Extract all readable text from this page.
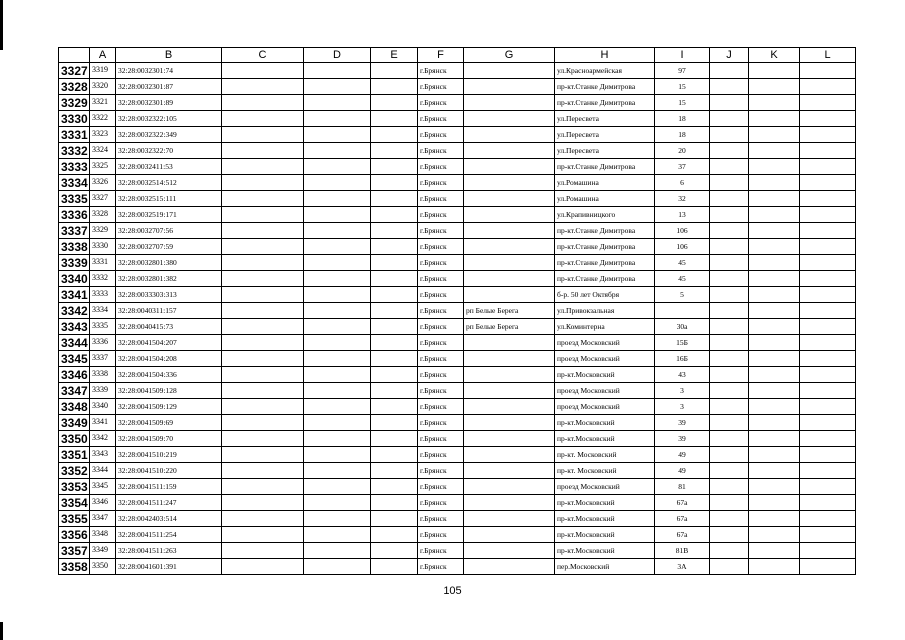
	A	B	C	D	E	F	G	H	I	J	K	L
3327	3319	32:28:0032301:74				г.Брянск		ул.Красноармейская	97			
3328	3320	32:28:0032301:87				г.Брянск		пр-кт.Станке Димитрова	15			
3329	3321	32:28:0032301:89				г.Брянск		пр-кт.Станке Димитрова	15			
3330	3322	32:28:0032322:105				г.Брянск		ул.Пересвета	18			
3331	3323	32:28:0032322:349				г.Брянск		ул.Пересвета	18			
3332	3324	32:28:0032322:70				г.Брянск		ул.Пересвета	20			
3333	3325	32:28:0032411:53				г.Брянск		пр-кт.Станке Димитрова	37			
3334	3326	32:28:0032514:512				г.Брянск		ул.Ромашина	6			
3335	3327	32:28:0032515:111				г.Брянск		ул.Ромашина	32			
3336	3328	32:28:0032519:171				г.Брянск		ул.Крапивницкого	13			
3337	3329	32:28:0032707:56				г.Брянск		пр-кт.Станке Димитрова	106			
3338	3330	32:28:0032707:59				г.Брянск		пр-кт.Станке Димитрова	106			
3339	3331	32:28:0032801:380				г.Брянск		пр-кт.Станке Димитрова	45			
3340	3332	32:28:0032801:382				г.Брянск		пр-кт.Станке Димитрова	45			
3341	3333	32:28:0033303:313				г.Брянск		б-р. 50 лет Октября	5			
3342	3334	32:28:0040311:157				г.Брянск	рп Белые Берега	ул.Привокзальная				
3343	3335	32:28:0040415:73				г.Брянск	рп Белые Берега	ул.Коминтерна	30а			
3344	3336	32:28:0041504:207				г.Брянск		проезд Московский	15Б			
3345	3337	32:28:0041504:208				г.Брянск		проезд Московский	16Б			
3346	3338	32:28:0041504:336				г.Брянск		пр-кт.Московский	43			
3347	3339	32:28:0041509:128				г.Брянск		проезд Московский	3			
3348	3340	32:28:0041509:129				г.Брянск		проезд Московский	3			
3349	3341	32:28:0041509:69				г.Брянск		пр-кт.Московский	39			
3350	3342	32:28:0041509:70				г.Брянск		пр-кт.Московский	39			
3351	3343	32:28:0041510:219				г.Брянск		пр-кт. Московский	49			
3352	3344	32:28:0041510:220				г.Брянск		пр-кт. Московский	49			
3353	3345	32:28:0041511:159				г.Брянск		проезд Московский	81			
3354	3346	32:28:0041511:247				г.Брянск		пр-кт.Московский	67а			
3355	3347	32:28:0042403:514				г.Брянск		пр-кт.Московский	67а			
3356	3348	32:28:0041511:254				г.Брянск		пр-кт.Московский	67а			
3357	3349	32:28:0041511:263				г.Брянск		пр-кт.Московский	81В			
3358	3350	32:28:0041601:391				г.Брянск		пер.Московский	3А			
105
